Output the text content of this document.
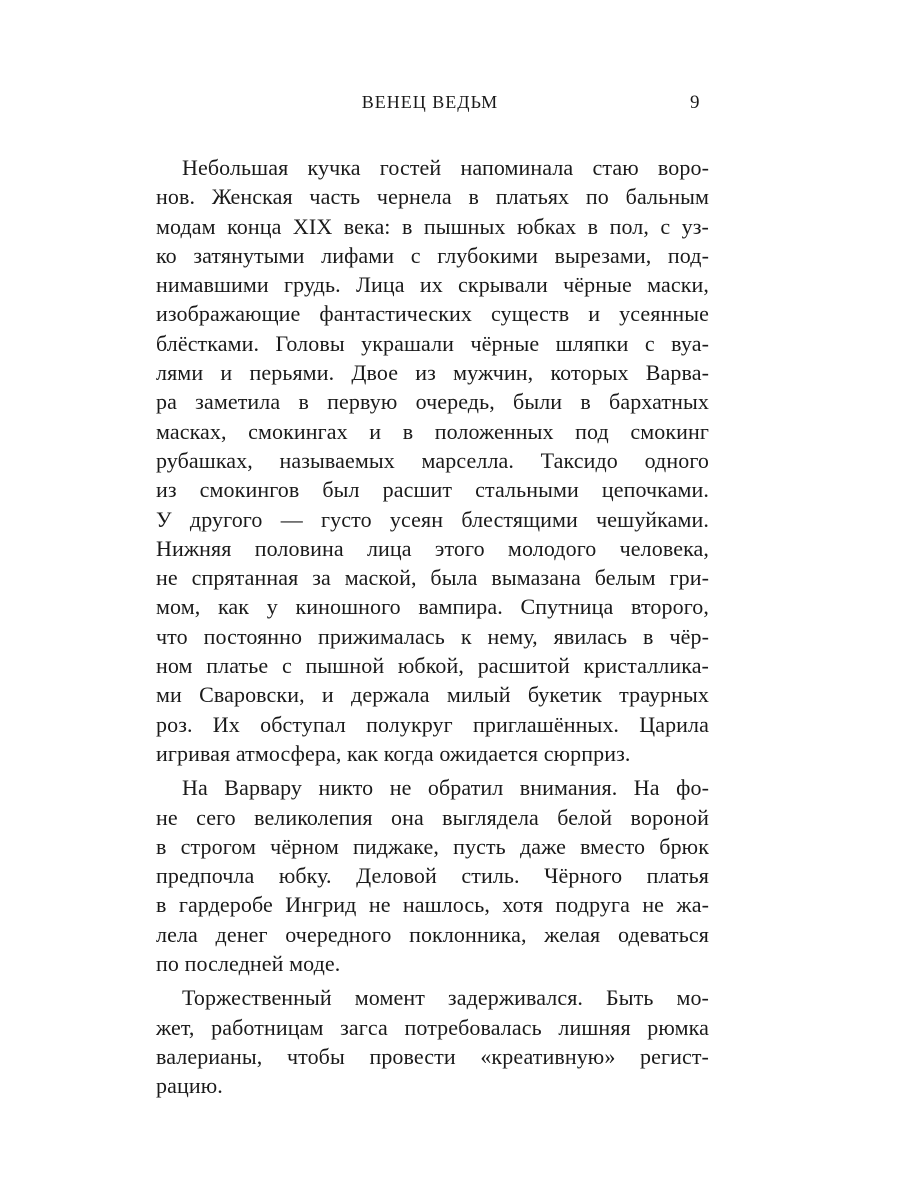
ВЕНЕЦ ВЕДЬМ	9
Небольшая кучка гостей напоминала стаю воро-
нов. Женская часть чернела в платьях по бальным
модам конца XIX века: в пышных юбках в пол, с уз-
ко затянутыми лифами с глубокими вырезами, под-
нимавшими грудь. Лица их скрывали чёрные маски,
изображающие фантастических существ и усеянные
блёстками. Головы украшали чёрные шляпки с вуа-
лями и перьями. Двое из мужчин, которых Варва-
ра заметила в первую очередь, были в бархатных
масках, смокингах и в положенных под смокинг
рубашках, называемых марселла. Таксидо одного
из смокингов был расшит стальными цепочками.
У другого — густо усеян блестящими чешуйками.
Нижняя половина лица этого молодого человека,
не спрятанная за маской, была вымазана белым гри-
мом, как у киношного вампира. Спутница второго,
что постоянно прижималась к нему, явилась в чёр-
ном платье с пышной юбкой, расшитой кристаллика-
ми Сваровски, и держала милый букетик траурных
роз. Их обступал полукруг приглашённых. Царила
игривая атмосфера, как когда ожидается сюрприз.
На Варвару никто не обратил внимания. На фо-
не сего великолепия она выглядела белой вороной
в строгом чёрном пиджаке, пусть даже вместо брюк
предпочла юбку. Деловой стиль. Чёрного платья
в гардеробе Ингрид не нашлось, хотя подруга не жа-
лела денег очередного поклонника, желая одеваться
по последней моде.
Торжественный момент задерживался. Быть мо-
жет, работницам загса потребовалась лишняя рюмка
валерианы, чтобы провести «креативную» регист-
рацию.
